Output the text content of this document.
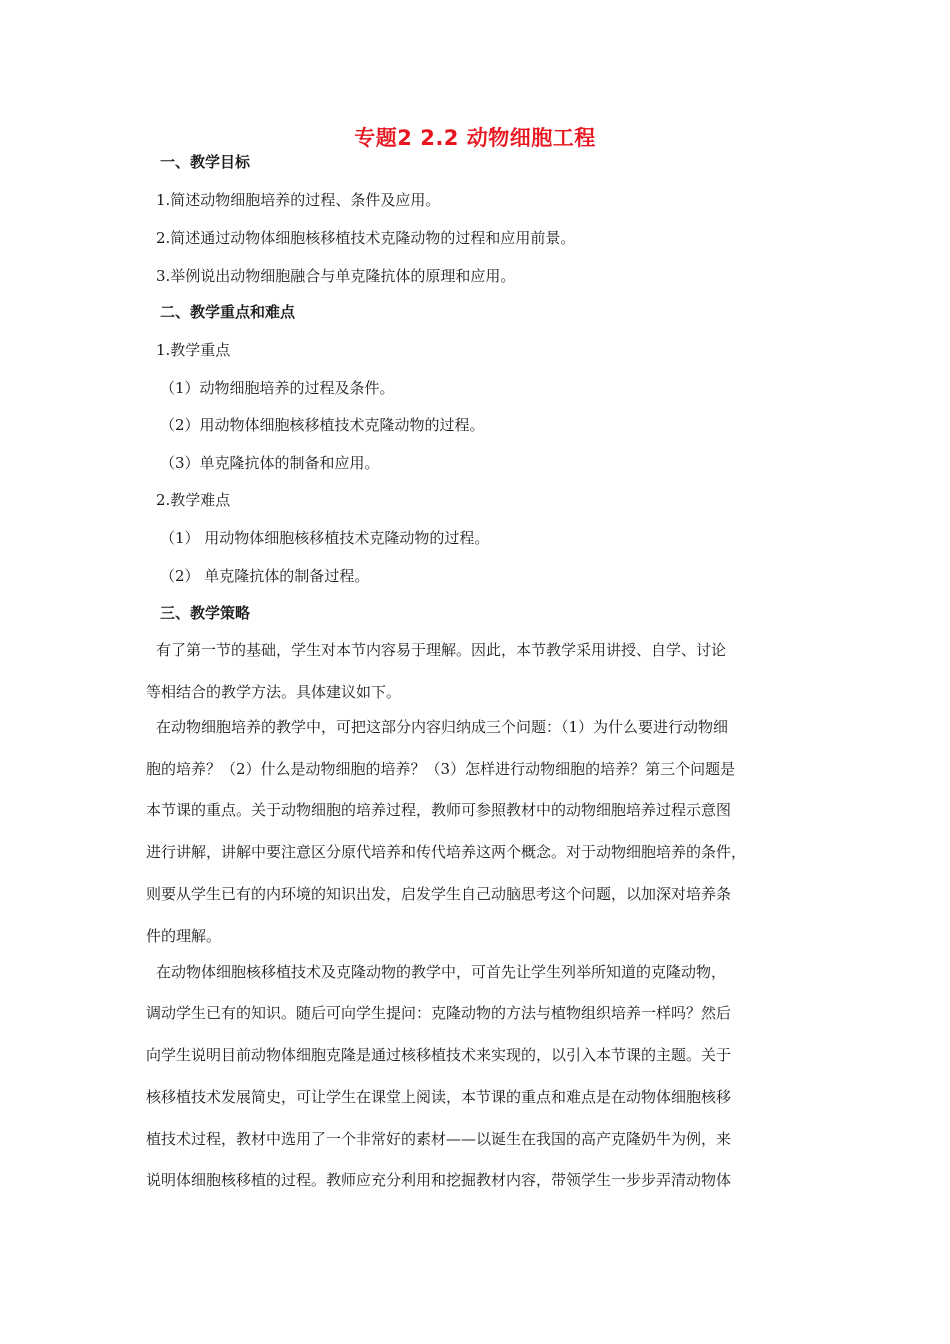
专题2 2.2 动物细胞工程
一、教学目标
1.简述动物细胞培养的过程、条件及应用。
2.简述通过动物体细胞核移植技术克隆动物的过程和应用前景。
3.举例说出动物细胞融合与单克隆抗体的原理和应用。
二、教学重点和难点
1.教学重点
（1）动物细胞培养的过程及条件。
（2）用动物体细胞核移植技术克隆动物的过程。
（3）单克隆抗体的制备和应用。
2.教学难点
（1） 用动物体细胞核移植技术克隆动物的过程。
（2） 单克隆抗体的制备过程。
三、教学策略
有了第一节的基础，学生对本节内容易于理解。因此，本节教学采用讲授、自学、讨论
等相结合的教学方法。具体建议如下。
在动物细胞培养的教学中，可把这部分内容归纳成三个问题：（1）为什么要进行动物细
胞的培养？（2）什么是动物细胞的培养？（3）怎样进行动物细胞的培养？第三个问题是
本节课的重点。关于动物细胞的培养过程，教师可参照教材中的动物细胞培养过程示意图
进行讲解，讲解中要注意区分原代培养和传代培养这两个概念。对于动物细胞培养的条件，
则要从学生已有的内环境的知识出发，启发学生自己动脑思考这个问题，以加深对培养条
件的理解。
在动物体细胞核移植技术及克隆动物的教学中，可首先让学生列举所知道的克隆动物，
调动学生已有的知识。随后可向学生提问：克隆动物的方法与植物组织培养一样吗？然后
向学生说明目前动物体细胞克隆是通过核移植技术来实现的，以引入本节课的主题。关于
核移植技术发展简史，可让学生在课堂上阅读，本节课的重点和难点是在动物体细胞核移
植技术过程，教材中选用了一个非常好的素材——以诞生在我国的高产克隆奶牛为例，来
说明体细胞核移植的过程。教师应充分利用和挖掘教材内容，带领学生一步步弄清动物体
